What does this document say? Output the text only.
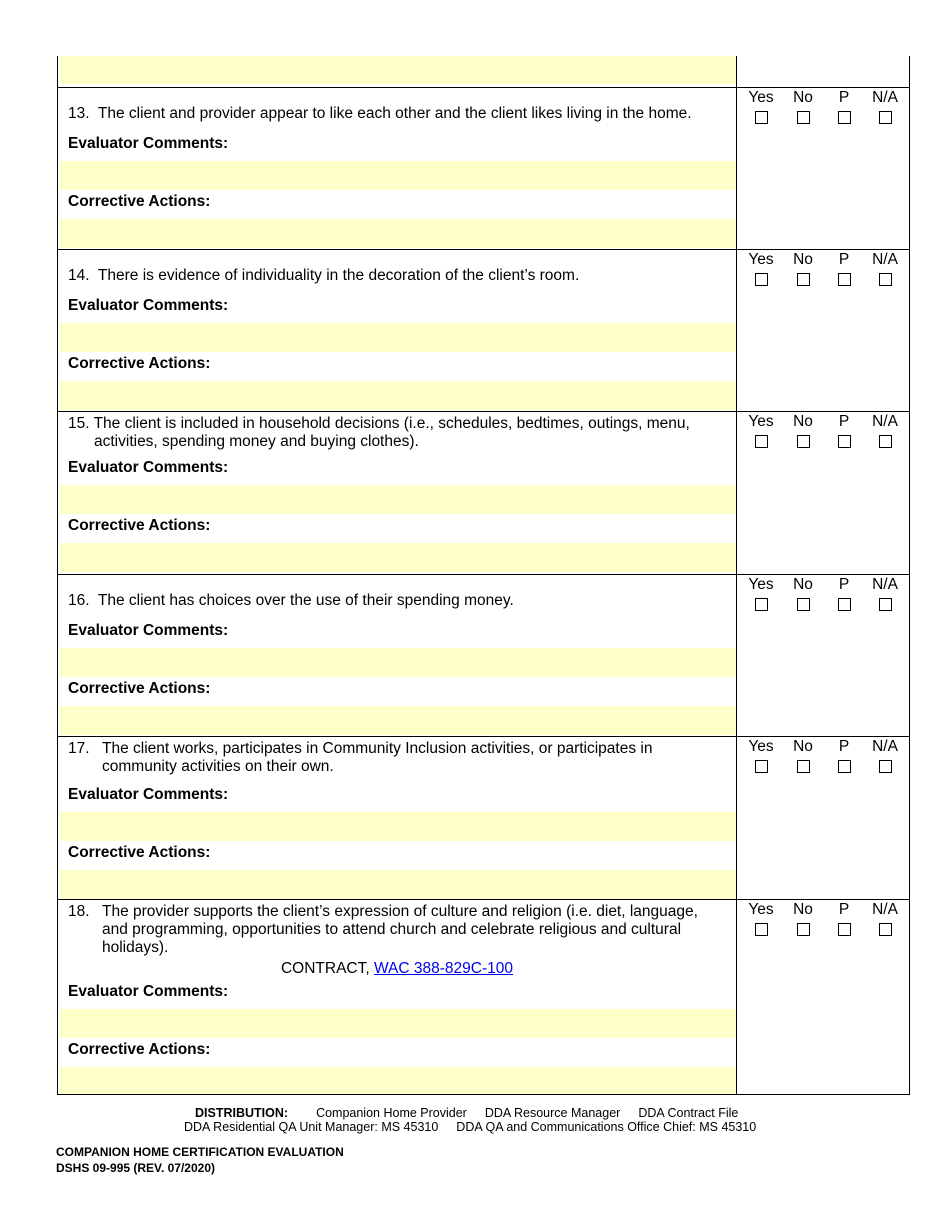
13. The client and provider appear to like each other and the client likes living in the home.
Evaluator Comments:
Corrective Actions:
Yes	No	P	N/A
14. There is evidence of individuality in the decoration of the client’s room.
Evaluator Comments:
Corrective Actions:
Yes	No	P	N/A
15. The client is included in household decisions (i.e., schedules, bedtimes, outings, menu, activities, spending money and buying clothes).
Evaluator Comments:
Corrective Actions:
Yes	No	P	N/A
16. The client has choices over the use of their spending money.
Evaluator Comments:
Corrective Actions:
Yes	No	P	N/A
17. The client works, participates in Community Inclusion activities, or participates in community activities on their own.
Evaluator Comments:
Corrective Actions:
Yes	No	P	N/A
18. The provider supports the client’s expression of culture and religion (i.e. diet, language, and programming, opportunities to attend church and celebrate religious and cultural holidays).
CONTRACT, WAC 388-829C-100
Evaluator Comments:
Corrective Actions:
Yes	No	P	N/A
DISTRIBUTION: Companion Home Provider DDA Resource Manager DDA Contract File
DDA Residential QA Unit Manager: MS 45310 DDA QA and Communications Office Chief: MS 45310
COMPANION HOME CERTIFICATION EVALUATION
DSHS 09-995 (REV. 07/2020)
